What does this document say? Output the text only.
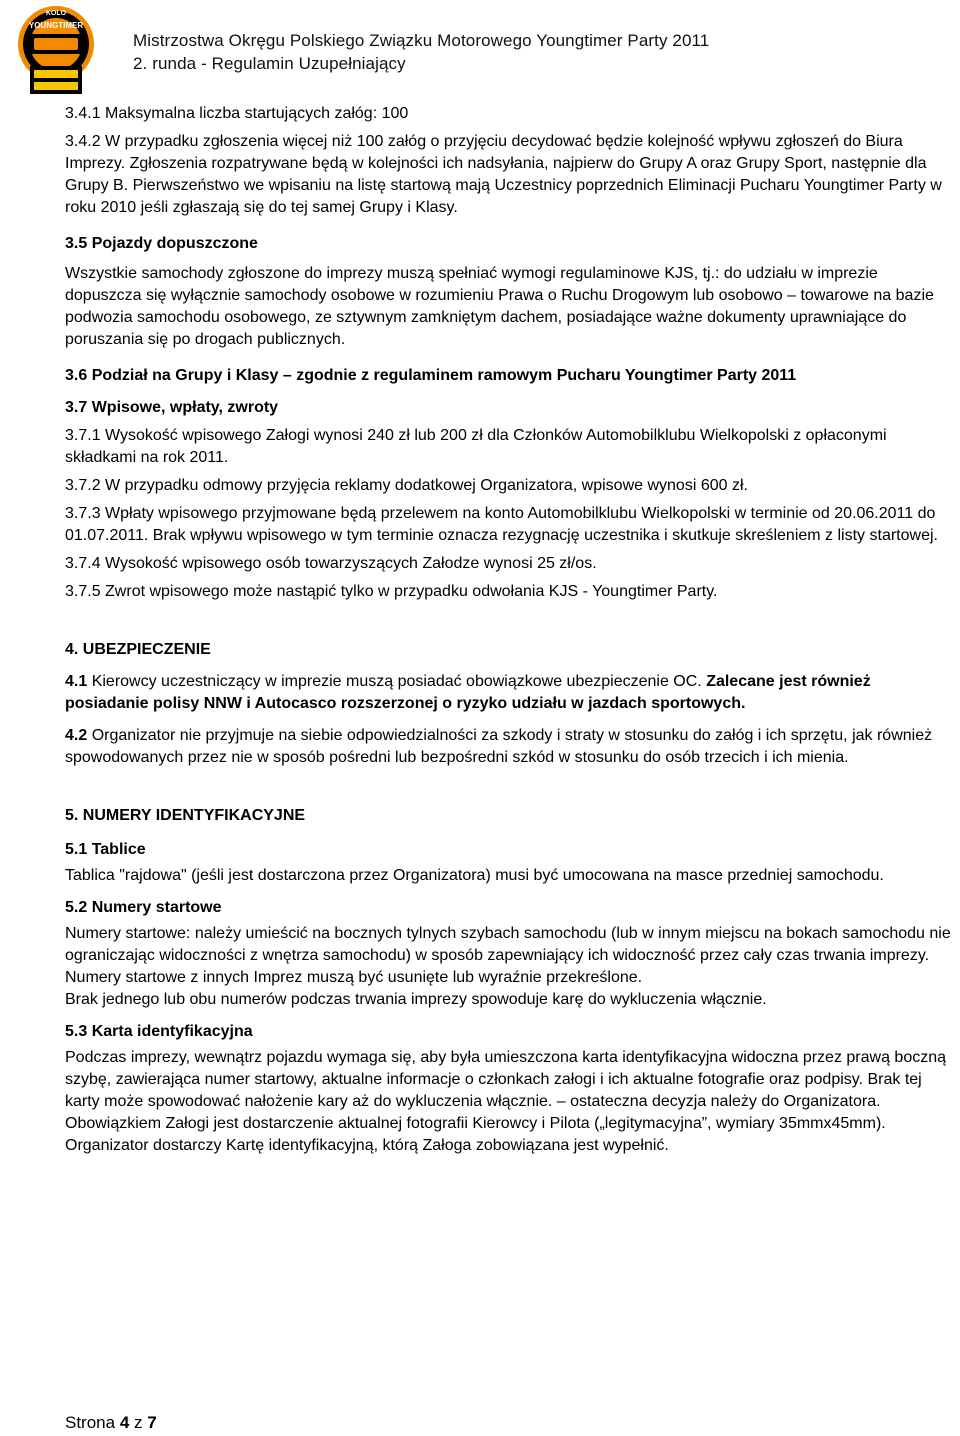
KOLO
YOUNGTIMER
Mistrzostwa Okręgu Polskiego Związku Motorowego Youngtimer Party 2011
2. runda - Regulamin Uzupełniający

3.4.1 Maksymalna liczba startujących załóg: 100

3.4.2 W przypadku zgłoszenia więcej niż 100 załóg o przyjęciu decydować będzie kolejność wpływu zgłoszeń do Biura Imprezy. Zgłoszenia rozpatrywane będą w kolejności ich nadsyłania, najpierw do Grupy A oraz Grupy Sport, następnie dla Grupy B. Pierwszeństwo we wpisaniu na listę startową mają Uczestnicy poprzednich Eliminacji Pucharu Youngtimer Party w roku 2010 jeśli zgłaszają się do tej samej Grupy i Klasy.

3.5 Pojazdy dopuszczone

Wszystkie samochody zgłoszone do imprezy muszą spełniać wymogi regulaminowe KJS, tj.: do udziału w imprezie dopuszcza się wyłącznie samochody osobowe w rozumieniu Prawa o Ruchu Drogowym lub osobowo – towarowe na bazie podwozia samochodu osobowego, ze sztywnym zamkniętym dachem, posiadające ważne dokumenty uprawniające do poruszania się po drogach publicznych.

3.6 Podział na Grupy i Klasy – zgodnie z regulaminem ramowym Pucharu Youngtimer Party 2011

3.7 Wpisowe, wpłaty, zwroty

3.7.1 Wysokość wpisowego Załogi wynosi 240 zł lub 200 zł dla Członków Automobilklubu Wielkopolski z opłaconymi składkami na rok 2011.

3.7.2 W przypadku odmowy przyjęcia reklamy dodatkowej Organizatora, wpisowe wynosi 600 zł.

3.7.3 Wpłaty wpisowego przyjmowane będą przelewem na konto Automobilklubu Wielkopolski w terminie od 20.06.2011 do 01.07.2011. Brak wpływu wpisowego w tym terminie oznacza rezygnację uczestnika i skutkuje skreśleniem z listy startowej.

3.7.4 Wysokość wpisowego osób towarzyszących Załodze wynosi 25 zł/os.

3.7.5 Zwrot wpisowego może nastąpić tylko w przypadku odwołania KJS - Youngtimer Party.

4. UBEZPIECZENIE

4.1 Kierowcy uczestniczący w imprezie muszą posiadać obowiązkowe ubezpieczenie OC. Zalecane jest również posiadanie polisy NNW i Autocasco rozszerzonej o ryzyko udziału w jazdach sportowych.

4.2 Organizator nie przyjmuje na siebie odpowiedzialności za szkody i straty w stosunku do załóg i ich sprzętu, jak również spowodowanych przez nie w sposób pośredni lub bezpośredni szkód w stosunku do osób trzecich i ich mienia.

5. NUMERY IDENTYFIKACYJNE

5.1 Tablice

Tablica "rajdowa" (jeśli jest dostarczona przez Organizatora) musi być umocowana na masce przedniej samochodu.

5.2 Numery startowe

Numery startowe: należy umieścić na bocznych tylnych szybach samochodu (lub w innym miejscu na bokach samochodu nie ograniczając widoczności z wnętrza samochodu) w sposób zapewniający ich widoczność przez cały czas trwania imprezy. Numery startowe z innych Imprez muszą być usunięte lub wyraźnie przekreślone.

Brak jednego lub obu numerów podczas trwania imprezy spowoduje karę do wykluczenia włącznie.

5.3 Karta identyfikacyjna

Podczas imprezy, wewnątrz pojazdu wymaga się, aby była umieszczona karta identyfikacyjna widoczna przez prawą boczną szybę, zawierająca numer startowy, aktualne informacje o członkach załogi i ich aktualne fotografie oraz podpisy. Brak tej karty może spowodować nałożenie kary aż do wykluczenia włącznie. – ostateczna decyzja należy do Organizatora. Obowiązkiem Załogi jest dostarczenie aktualnej fotografii Kierowcy i Pilota („legitymacyjna”, wymiary 35mmx45mm).

Organizator dostarczy Kartę identyfikacyjną, którą Załoga zobowiązana jest wypełnić.

Strona 4 z 7
